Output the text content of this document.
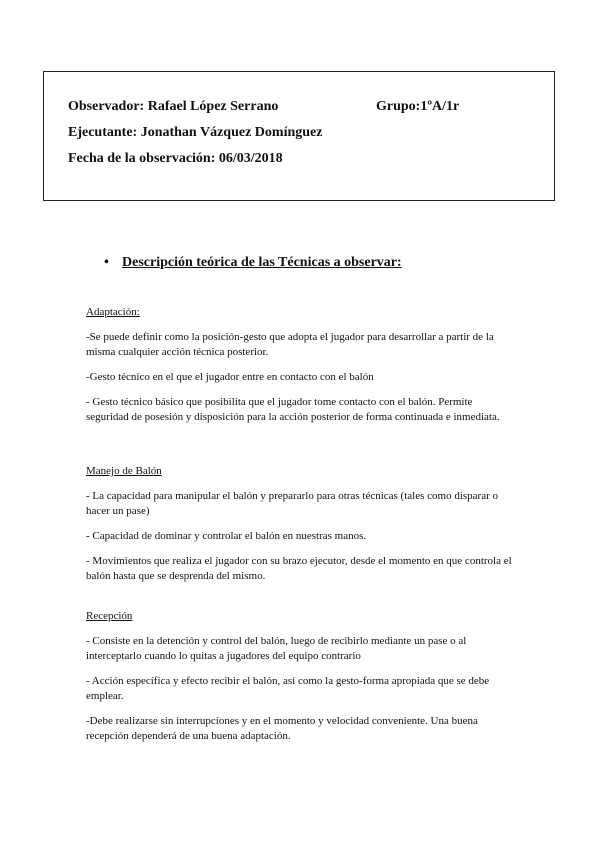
Observador: Rafael López Serrano	Grupo:1ºA/1r
Ejecutante: Jonathan Vázquez Domínguez
Fecha de la observación: 06/03/2018
• Descripción teórica de las Técnicas a observar:
Adaptación:

-Se puede definir como la posición-gesto que adopta el jugador para desarrollar a partir de la misma cualquier acción técnica posterior.

-Gesto técnico en el que el jugador entre en contacto con el balón

- Gesto técnico básico que posibilita que el jugador tome contacto con el balón. Permite seguridad de posesión y disposición para la acción posterior de forma continuada e inmediata.

Manejo de Balón

- La capacidad para manipular el balón y prepararlo para otras técnicas (tales como disparar o hacer un pase)

- Capacidad de dominar y controlar el balón en nuestras manos.

- Movimientos que realiza el jugador con su brazo ejecutor, desde el momento en que controla el balón hasta que se desprenda del mismo.

Recepción

- Consiste en la detención y control del balón, luego de recibirlo mediante un pase o al interceptarlo cuando lo quitas a jugadores del equipo contrario

- Acción específica y efecto recibir el balón, así como la gesto-forma apropiada que se debe emplear.

-Debe realizarse sin interrupciones y en el momento y velocidad conveniente. Una buena recepción dependerá de una buena adaptación.
